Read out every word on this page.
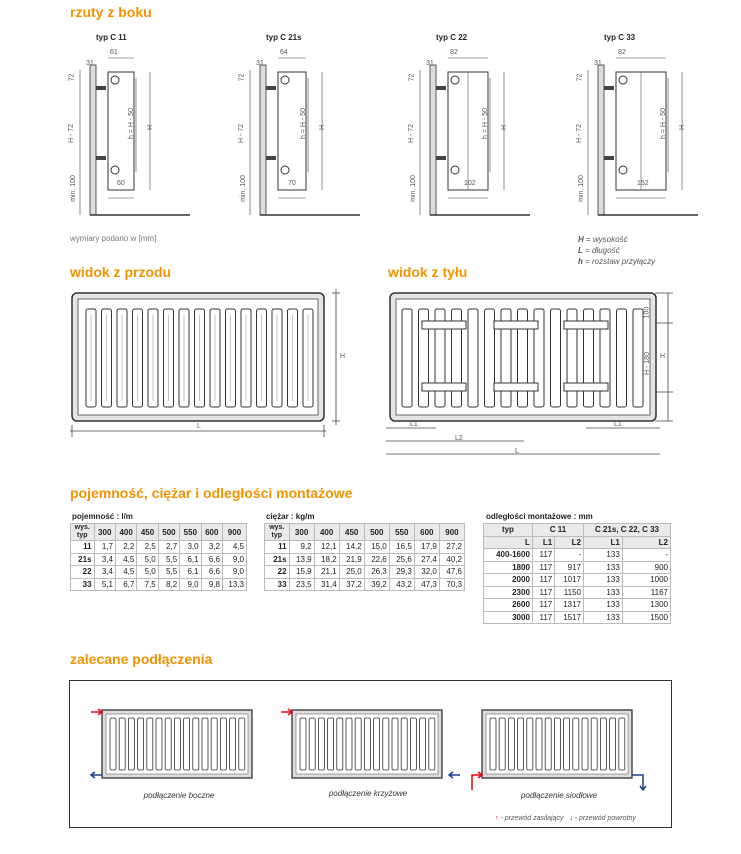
rzuty z boku
typ C 11
61
31
60
72
H - 72
min. 100
h = H - 50 H
typ C 21s
64
31
70
72
H - 72
min. 100
h = H - 50 H
typ C 22
82
31
102
72
H - 72
min. 100
h = H - 50 H
typ C 33
82
31
152
72
H - 72
min. 100
h = H - 50 H
wymiary podano w [mm]	H = wysokość
L = długość
h = rozstaw przyłączy
widok z przodu	widok z tyłu
H
L
100
H - 180 H
L1	L1
L2
L
pojemność, ciężar i odległości montażowe
pojemność : l/m
wys.
typ	300	400	450	500	550	600	900
11	1,7	2,2	2,5	2,7	3,0	3,2	4,5
21s	3,4	4,5	5,0	5,5	6,1	6,6	9,0
22	3,4	4,5	5,0	5,5	6,1	6,6	9,0
33	5,1	6,7	7,5	8,2	9,0	9,8	13,3
ciężar : kg/m
wys.
typ	300	400	450	500	550	600	900
11	9,2	12,1	14,2	15,0	16,5	17,9	27,2
21s	13,9	18,2	21,9	22,6	25,6	27,4	40,2
22	15,9	21,1	25,0	26,3	29,3	32,0	47,6
33	23,5	31,4	37,2	39,2	43,2	47,3	70,3
odległości montażowe : mm
typ	C 11		C 21s, C 22, C 33	
L	L1	L2	L1	L2
400-1600	117	-	133	-
1800	117	917	133	900
2000	117	1017	133	1000
2300	117	1150	133	1167
2600	117	1317	133	1300
3000	117	1517	133	1500
zalecane podłączenia
podłączenie boczne	podłączenie krzyżowe	podłączenie siodłowe
↑ - przewód zasilający ↓ - przewód powrotny
